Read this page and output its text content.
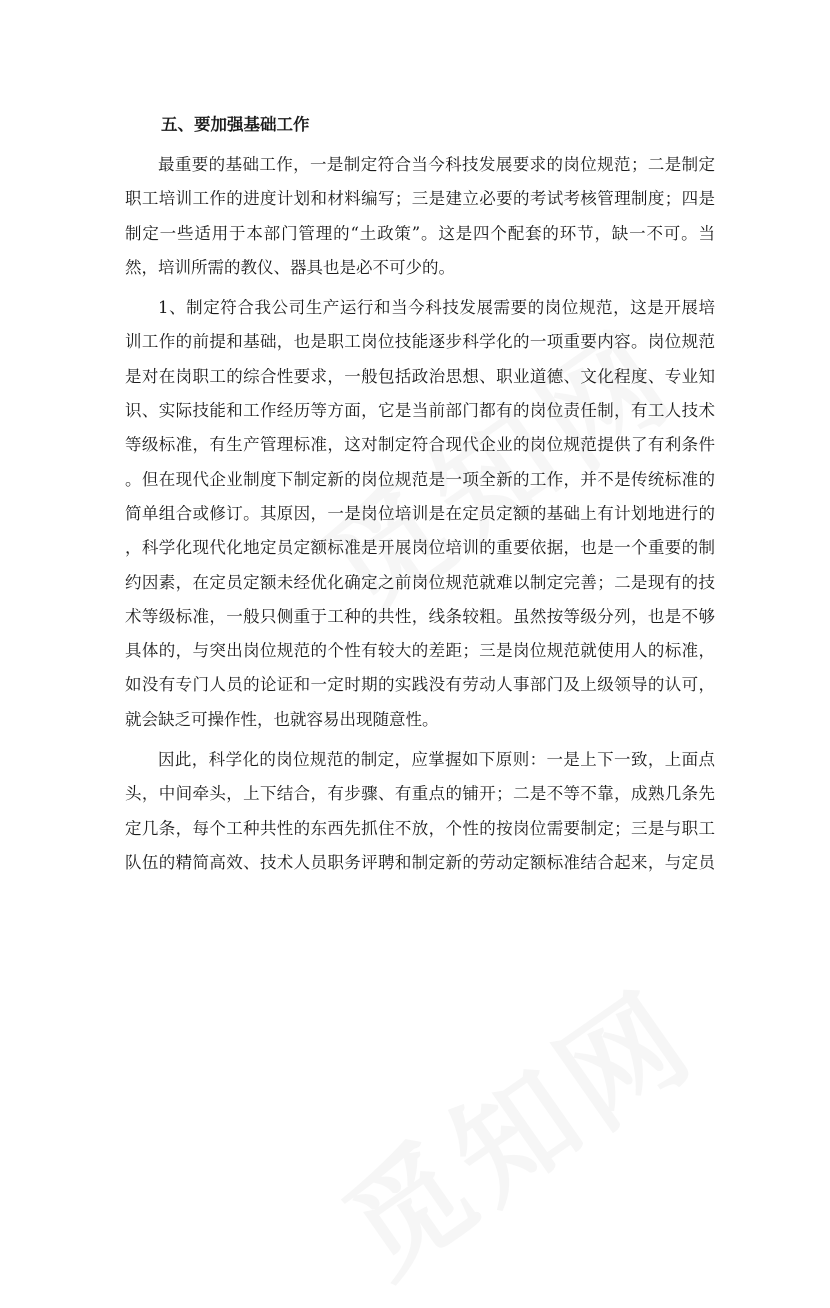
五、要加强基础工作
最重要的基础工作，一是制定符合当今科技发展要求的岗位规范；二是制定
职工培训工作的进度计划和材料编写；三是建立必要的考试考核管理制度；四是
制定一些适用于本部门管理的“土政策”。这是四个配套的环节，缺一不可。当
然，培训所需的教仪、器具也是必不可少的。
1、制定符合我公司生产运行和当今科技发展需要的岗位规范，这是开展培
训工作的前提和基础，也是职工岗位技能逐步科学化的一项重要内容。岗位规范
是对在岗职工的综合性要求，一般包括政治思想、职业道德、文化程度、专业知
识、实际技能和工作经历等方面，它是当前部门都有的岗位责任制，有工人技术
等级标准，有生产管理标准，这对制定符合现代企业的岗位规范提供了有利条件
。但在现代企业制度下制定新的岗位规范是一项全新的工作，并不是传统标准的
简单组合或修订。其原因，一是岗位培训是在定员定额的基础上有计划地进行的
，科学化现代化地定员定额标准是开展岗位培训的重要依据，也是一个重要的制
约因素，在定员定额未经优化确定之前岗位规范就难以制定完善；二是现有的技
术等级标准，一般只侧重于工种的共性，线条较粗。虽然按等级分列，也是不够
具体的，与突出岗位规范的个性有较大的差距；三是岗位规范就使用人的标准，
如没有专门人员的论证和一定时期的实践没有劳动人事部门及上级领导的认可，
就会缺乏可操作性，也就容易出现随意性。
因此，科学化的岗位规范的制定，应掌握如下原则：一是上下一致，上面点
头，中间牵头，上下结合，有步骤、有重点的铺开；二是不等不靠，成熟几条先
定几条，每个工种共性的东西先抓住不放，个性的按岗位需要制定；三是与职工
队伍的精简高效、技术人员职务评聘和制定新的劳动定额标准结合起来，与定员
